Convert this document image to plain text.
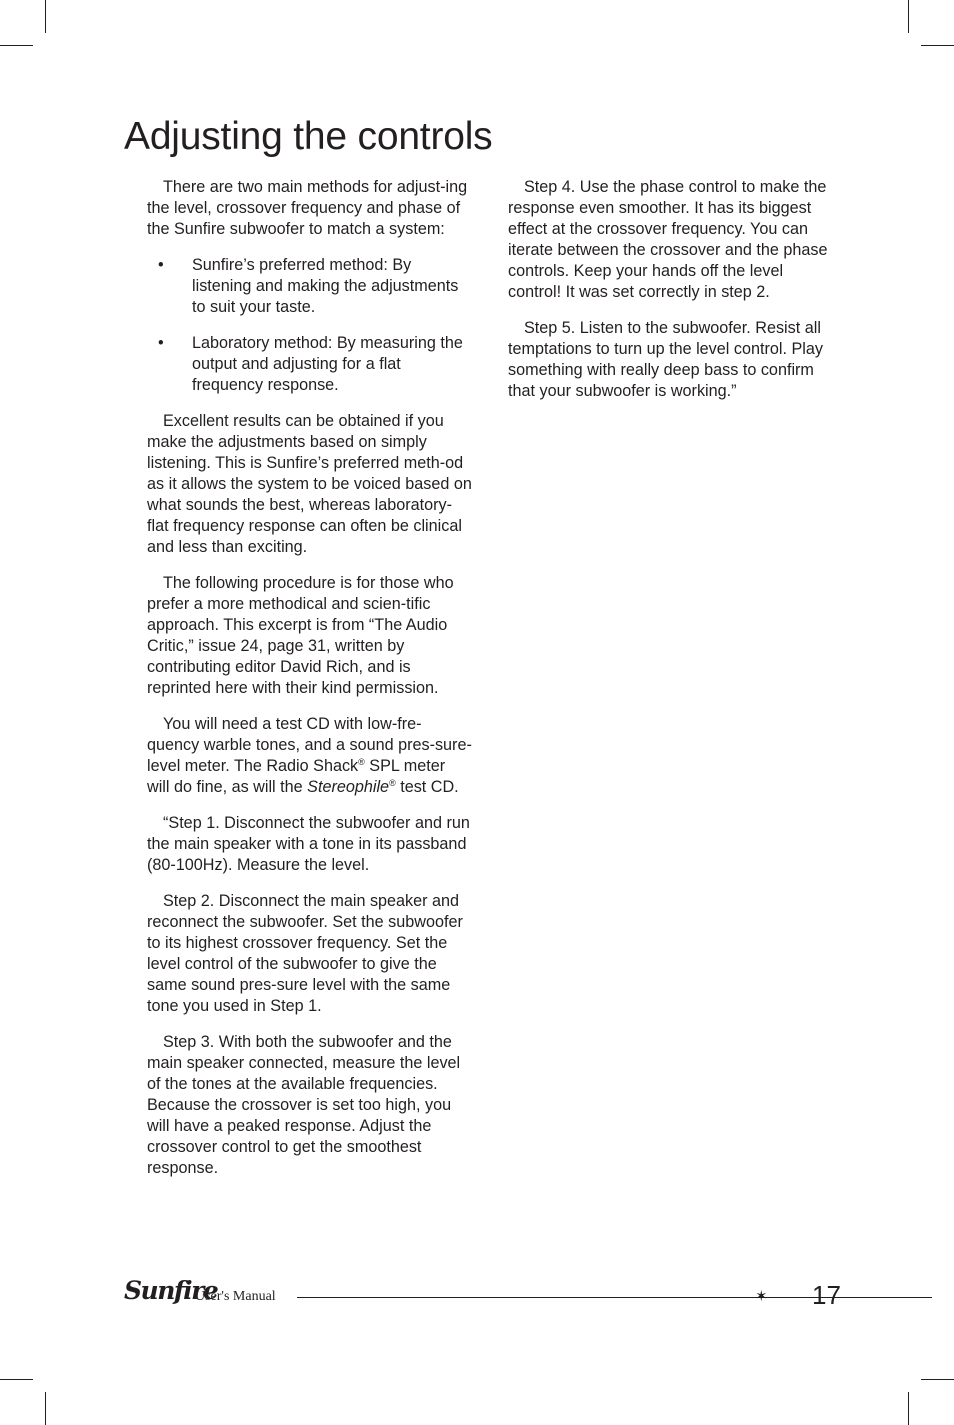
Adjusting the controls

There are two main methods for adjust-ing the level, crossover frequency and phase of the Sunfire subwoofer to match a system:

• Sunfire’s preferred method: By listening and making the adjustments to suit your taste.
• Laboratory method: By measuring the output and adjusting for a flat frequency response.

Excellent results can be obtained if you make the adjustments based on simply listening. This is Sunfire’s preferred meth-od as it allows the system to be voiced based on what sounds the best, whereas laboratory-flat frequency response can often be clinical and less than exciting.

The following procedure is for those who prefer a more methodical and scien-tific approach. This excerpt is from “The Audio Critic,” issue 24, page 31, written by contributing editor David Rich, and is reprinted here with their kind permission.

You will need a test CD with low-fre-quency warble tones, and a sound pres-sure-level meter. The Radio Shack® SPL meter will do fine, as will the Stereophile® test CD.

“Step 1. Disconnect the subwoofer and run the main speaker with a tone in its passband (80-100Hz). Measure the level.

Step 2. Disconnect the main speaker and reconnect the subwoofer. Set the subwoofer to its highest crossover frequency. Set the level control of the subwoofer to give the same sound pres-sure level with the same tone you used in Step 1.

Step 3. With both the subwoofer and the main speaker connected, measure the level of the tones at the available frequencies. Because the crossover is set too high, you will have a peaked response. Adjust the crossover control to get the smoothest response.

Step 4. Use the phase control to make the response even smoother. It has its biggest effect at the crossover frequency. You can iterate between the crossover and the phase controls. Keep your hands off the level control! It was set correctly in step 2.

Step 5. Listen to the subwoofer. Resist all temptations to turn up the level control. Play something with really deep bass to confirm that your subwoofer is working.”

Sunfire
User's Manual	✶ 17
